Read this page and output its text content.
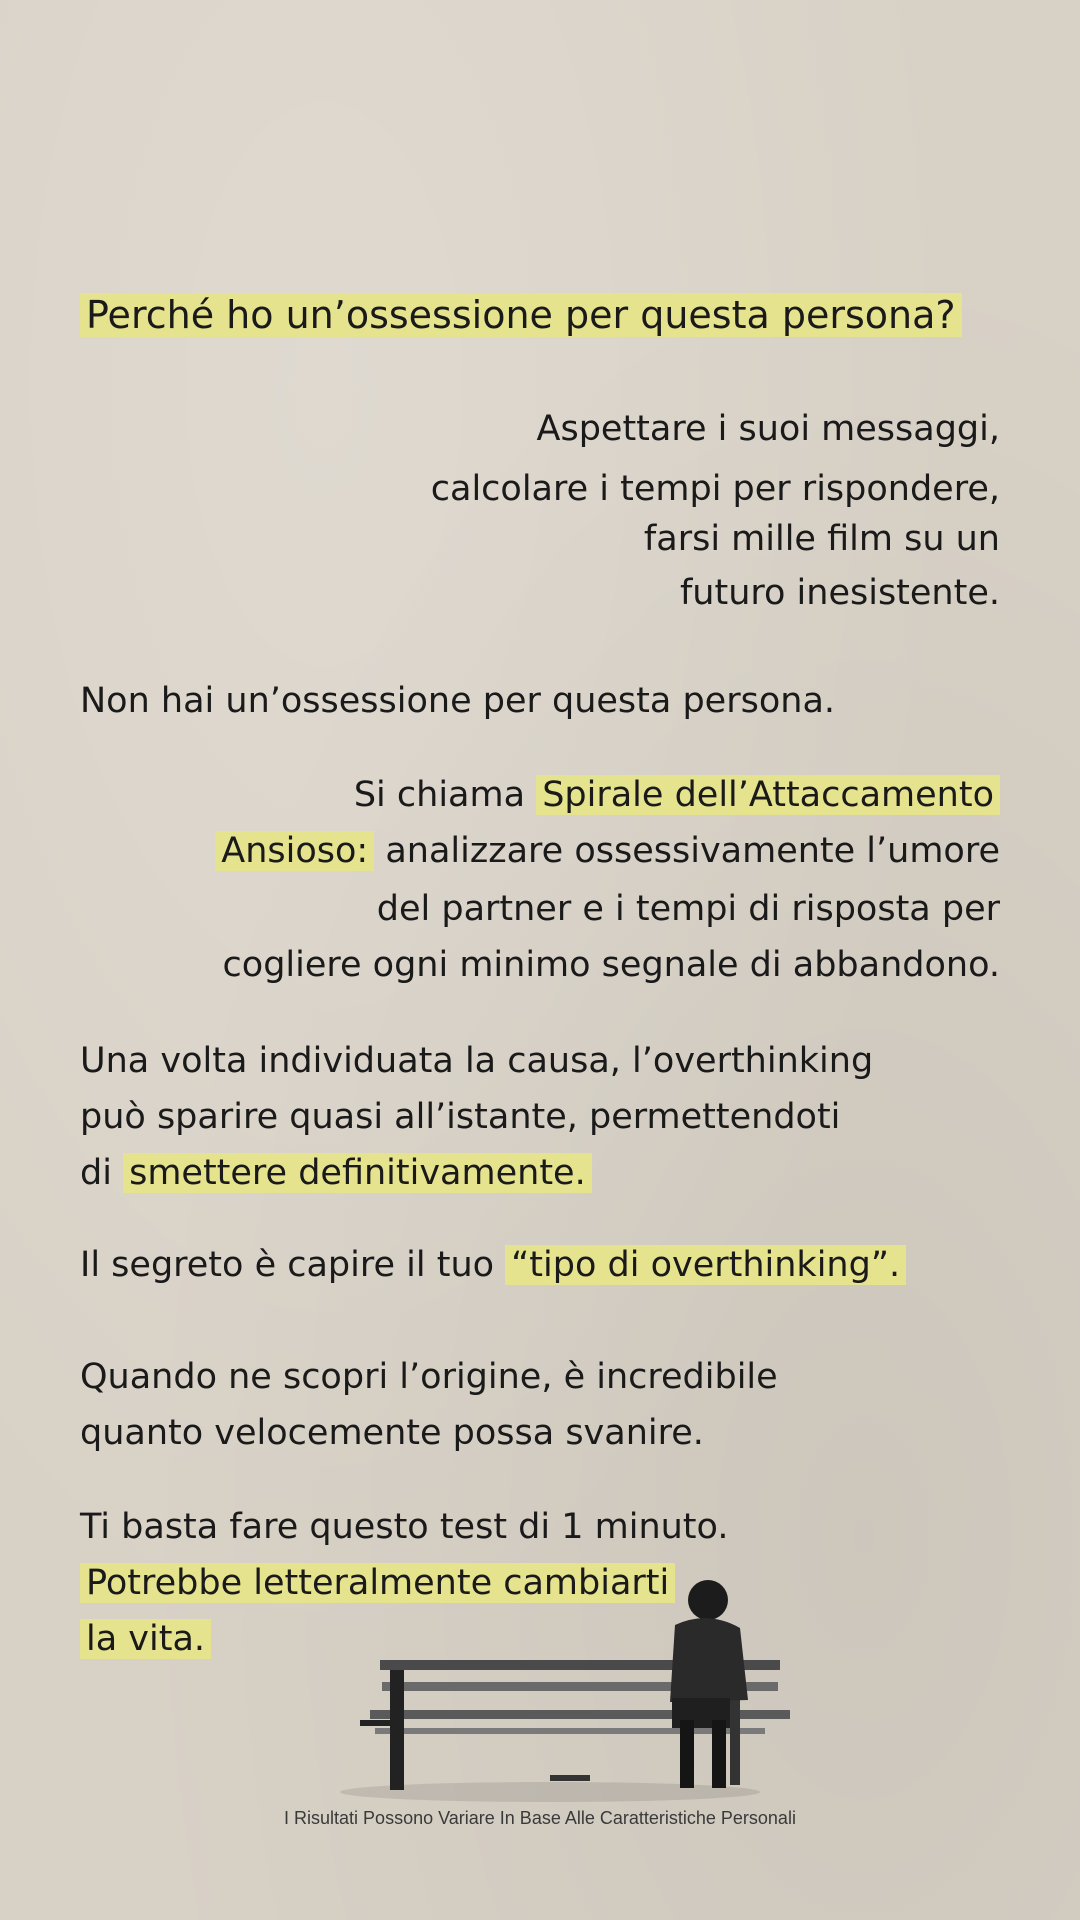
Perché ho un’ossessione per questa persona?
Aspettare i suoi messaggi,
calcolare i tempi per rispondere,
farsi mille film su un
futuro inesistente.
Non hai un’ossessione per questa persona.
Si chiama Spirale dell’Attaccamento
Ansioso: analizzare ossessivamente l’umore
del partner e i tempi di risposta per
cogliere ogni minimo segnale di abbandono.
Una volta individuata la causa, l’overthinking
può sparire quasi all’istante, permettendoti
di smettere definitivamente.
Il segreto è capire il tuo “tipo di overthinking”.
Quando ne scopri l’origine, è incredibile
quanto velocemente possa svanire.
Ti basta fare questo test di 1 minuto.
Potrebbe letteralmente cambiarti
la vita.
I Risultati Possono Variare In Base Alle Caratteristiche Personali
